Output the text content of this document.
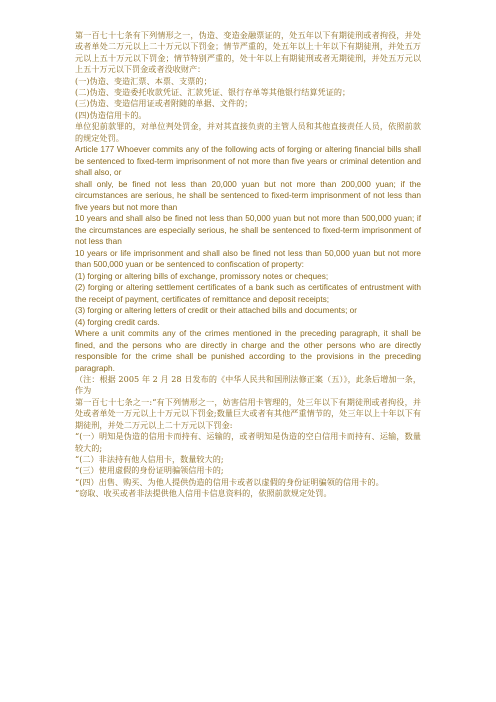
第一百七十七条有下列情形之一，伪造、变造金融票证的，处五年以下有期徒刑或者拘役，并处或者单处二万元以上二十万元以下罚金；情节严重的，处五年以上十年以下有期徒刑，并处五万元以上五十万元以下罚金；情节特别严重的，处十年以上有期徒刑或者无期徒刑，并处五万元以上五十万元以下罚金或者没收财产：

(一)伪造、变造汇票、本票、支票的；

(二)伪造、变造委托收款凭证、汇款凭证、银行存单等其他银行结算凭证的；

(三)伪造、变造信用证或者附随的单据、文件的；

(四)伪造信用卡的。

单位犯前款罪的，对单位判处罚金，并对其直接负责的主管人员和其他直接责任人员，依照前款的规定处罚。

Article 177 Whoever commits any of the following acts of forging or altering financial bills shall be sentenced to fixed-term imprisonment of not more than five years or criminal detention and shall also, or

shall only, be fined not less than 20,000 yuan but not more than 200,000 yuan; if the circumstances are serious, he shall be sentenced to fixed-term imprisonment of not less than five years but not more than

10 years and shall also be fined not less than 50,000 yuan but not more than 500,000 yuan; if the circumstances are especially serious, he shall be sentenced to fixed-term imprisonment of not less than

10 years or life imprisonment and shall also be fined not less than 50,000 yuan but not more than 500,000 yuan or be sentenced to confiscation of property:

(1) forging or altering bills of exchange, promissory notes or cheques;

(2) forging or altering settlement certificates of a bank such as certificates of entrustment with the receipt of payment, certificates of remittance and deposit receipts;

(3) forging or altering letters of credit or their attached bills and documents; or

(4) forging credit cards.

Where a unit commits any of the crimes mentioned in the preceding paragraph, it shall be fined, and the persons who are directly in charge and the other persons who are directly responsible for the crime shall be punished according to the provisions in the preceding paragraph.

（注：根据 2005 年 2 月 28 日发布的《中华人民共和国刑法修正案（五）》，此条后增加一条，作为

第一百七十七条之一:“有下列情形之一，妨害信用卡管理的，处三年以下有期徒刑或者拘役，并处或者单处一万元以上十万元以下罚金;数量巨大或者有其他严重情节的，处三年以上十年以下有期徒刑，并处二万元以上二十万元以下罚金:

“(一）明知是伪造的信用卡而持有、运输的，或者明知是伪造的空白信用卡而持有、运输，数量较大的;

“(二）非法持有他人信用卡，数量较大的;

“(三）使用虚假的身份证明骗领信用卡的;

“(四）出售、购买、为他人提供伪造的信用卡或者以虚假的身份证明骗领的信用卡的。

“窃取、收买或者非法提供他人信用卡信息资料的，依照前款规定处罚。
